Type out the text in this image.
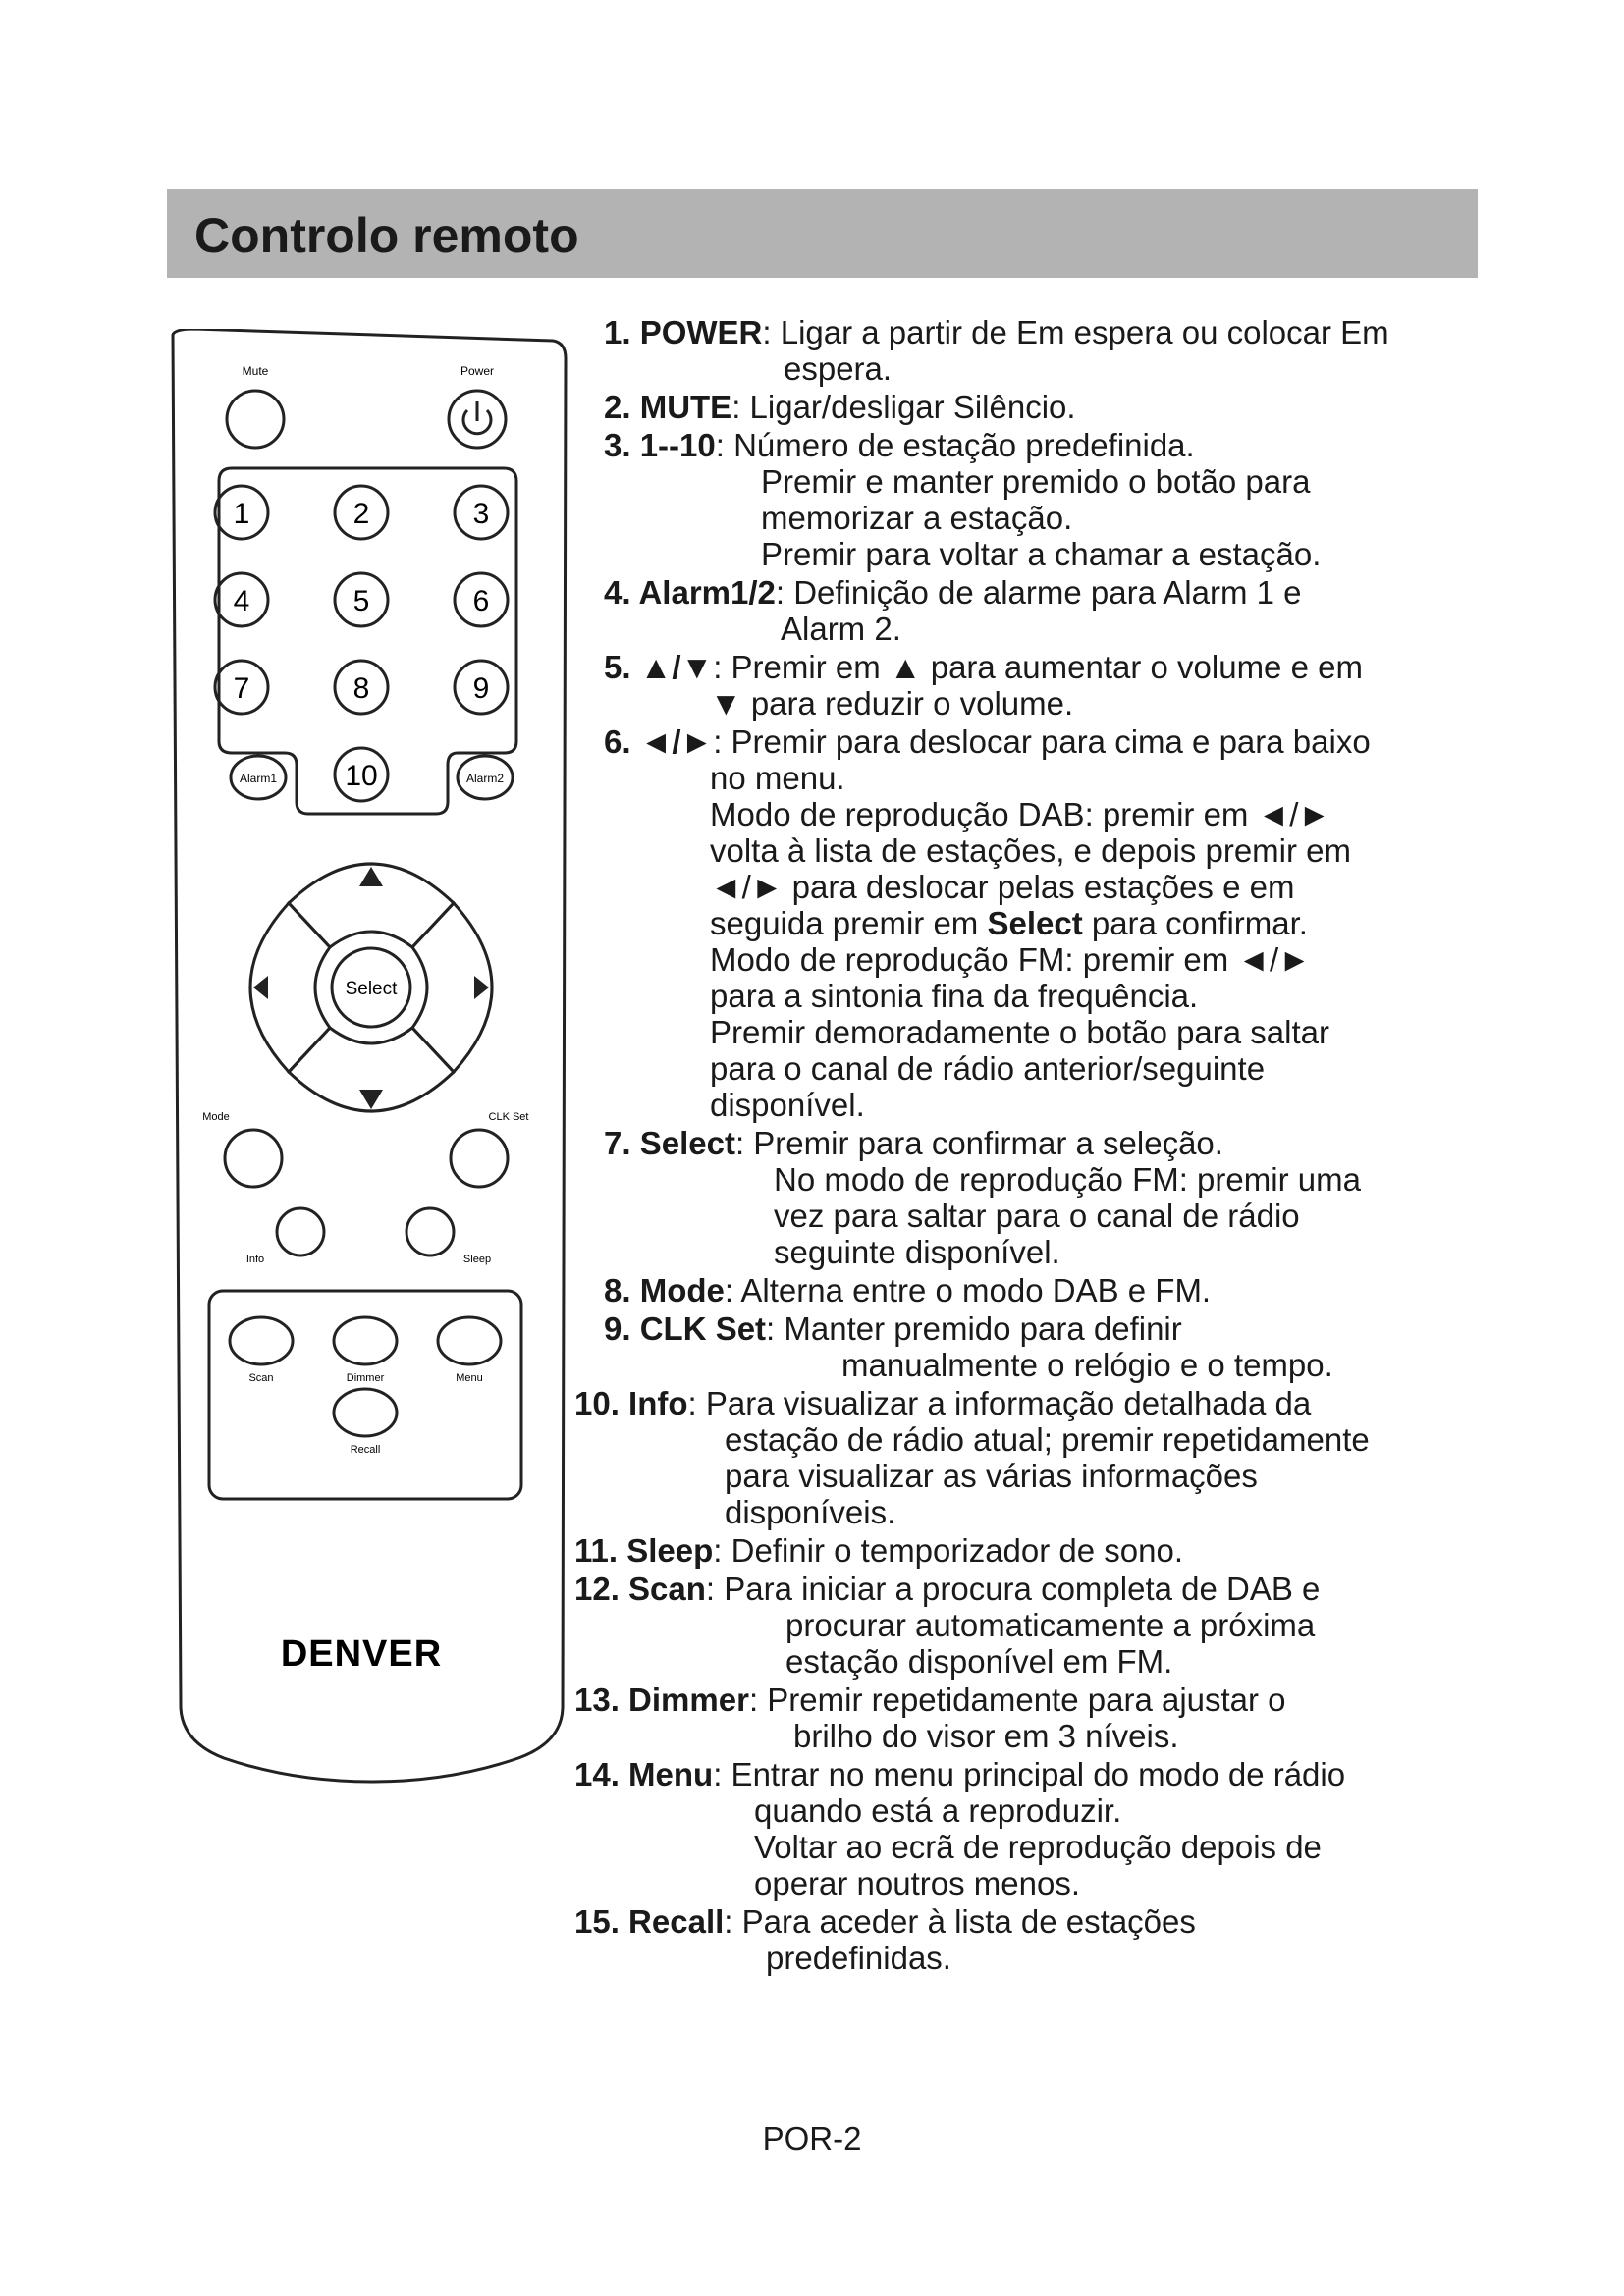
Controlo remoto
Mute	Power
1	2	3
4	5	6
7	8	9
10
Alarm1	Alarm2
Select
Mode	CLK Set
Info	Sleep
Scan	Dimmer	Menu
Recall
DENVER
1. POWER: Ligar a partir de Em espera ou colocar Em
espera.
2. MUTE: Ligar/desligar Silêncio.
3. 1--10: Número de estação predefinida.
Premir e manter premido o botão para
memorizar a estação.
Premir para voltar a chamar a estação.
4. Alarm1/2: Definição de alarme para Alarm 1 e
Alarm 2.
5. ▲/▼: Premir em ▲ para aumentar o volume e em
▼ para reduzir o volume.
6. ◄/►: Premir para deslocar para cima e para baixo
no menu.
Modo de reprodução DAB: premir em ◄/►
volta à lista de estações, e depois premir em
◄/► para deslocar pelas estações e em
seguida premir em Select para confirmar.
Modo de reprodução FM: premir em ◄/►
para a sintonia fina da frequência.
Premir demoradamente o botão para saltar
para o canal de rádio anterior/seguinte
disponível.
7. Select: Premir para confirmar a seleção.
No modo de reprodução FM: premir uma
vez para saltar para o canal de rádio
seguinte disponível.
8. Mode: Alterna entre o modo DAB e FM.
9. CLK Set: Manter premido para definir
manualmente o relógio e o tempo.
10. Info: Para visualizar a informação detalhada da
estação de rádio atual; premir repetidamente
para visualizar as várias informações
disponíveis.
11. Sleep: Definir o temporizador de sono.
12. Scan: Para iniciar a procura completa de DAB e
procurar automaticamente a próxima
estação disponível em FM.
13. Dimmer: Premir repetidamente para ajustar o
brilho do visor em 3 níveis.
14. Menu: Entrar no menu principal do modo de rádio
quando está a reproduzir.
Voltar ao ecrã de reprodução depois de
operar noutros menos.
15. Recall: Para aceder à lista de estações
predefinidas.
POR-2
